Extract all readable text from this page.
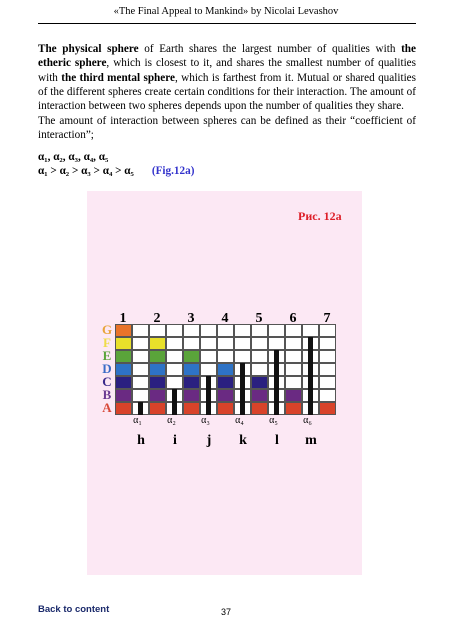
«The Final Appeal to Mankind» by Nicolai Levashov

The physical sphere of Earth shares the largest number of qualities with the etheric sphere, which is closest to it, and shares the smallest number of qualities with the third mental sphere, which is farthest from it. Mutual or shared qualities of the different spheres create certain conditions for their interaction. The amount of interaction between two spheres depends upon the number of qualities they share.

The amount of interaction between spheres can be defined as their “coefficient of interaction”;

α₁, α₂, α₃, α₄, α₅
α₁ > α₂ > α₃ > α₄ > α₅ (Fig.12a)
Рис. 12а
1	2	3	4	5	6	7
G
F
E
D
C
B
A
α₁	α₂	α₃	α₄	α₅	α₆
h	i	j	k	l	m
Back to content	37
